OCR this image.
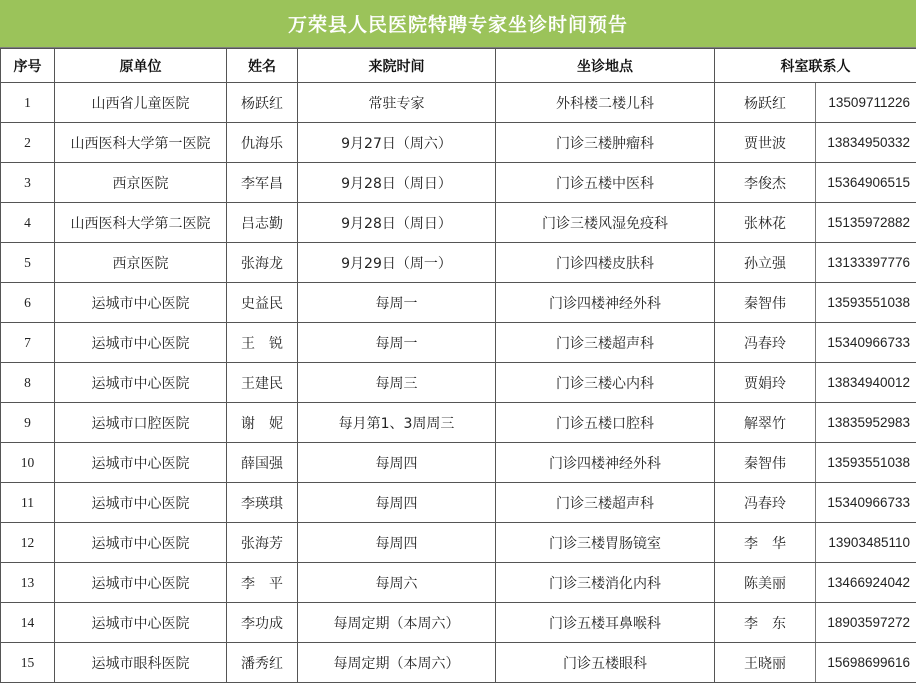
万荣县人民医院特聘专家坐诊时间预告
序号	原单位	姓名	来院时间	坐诊地点	科室联系人	
1	山西省儿童医院	杨跃红	常驻专家	外科楼二楼儿科	杨跃红	13509711226
2	山西医科大学第一医院	仇海乐	9月27日（周六）	门诊三楼肿瘤科	贾世波	13834950332
3	西京医院	李军昌	9月28日（周日）	门诊五楼中医科	李俊杰	15364906515
4	山西医科大学第二医院	吕志勤	9月28日（周日）	门诊三楼风湿免疫科	张林花	15135972882
5	西京医院	张海龙	9月29日（周一）	门诊四楼皮肤科	孙立强	13133397776
6	运城市中心医院	史益民	每周一	门诊四楼神经外科	秦智伟	13593551038
7	运城市中心医院	王　锐	每周一	门诊三楼超声科	冯春玲	15340966733
8	运城市中心医院	王建民	每周三	门诊三楼心内科	贾娟玲	13834940012
9	运城市口腔医院	谢　妮	每月第1、3周周三	门诊五楼口腔科	解翠竹	13835952983
10	运城市中心医院	薛国强	每周四	门诊四楼神经外科	秦智伟	13593551038
11	运城市中心医院	李瑛琪	每周四	门诊三楼超声科	冯春玲	15340966733
12	运城市中心医院	张海芳	每周四	门诊三楼胃肠镜室	李　华	13903485110
13	运城市中心医院	李　平	每周六	门诊三楼消化内科	陈美丽	13466924042
14	运城市中心医院	李功成	每周定期（本周六）	门诊五楼耳鼻喉科	李　东	18903597272
15	运城市眼科医院	潘秀红	每周定期（本周六）	门诊五楼眼科	王晓丽	15698699616
